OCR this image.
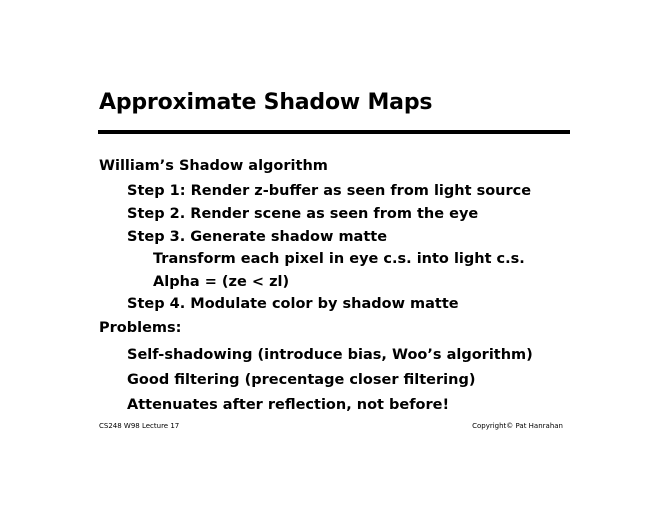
Approximate Shadow Maps
William’s Shadow algorithm
Step 1: Render z-buffer as seen from light source
Step 2. Render scene as seen from the eye
Step 3. Generate shadow matte
Transform each pixel in eye c.s. into light c.s.
Alpha = (ze < zl)
Step 4. Modulate color by shadow matte
Problems:
Self-shadowing (introduce bias, Woo’s algorithm)
Good filtering (precentage closer filtering)
Attenuates after reflection, not before!
CS248 W98 Lecture 17	Copyright© Pat Hanrahan
